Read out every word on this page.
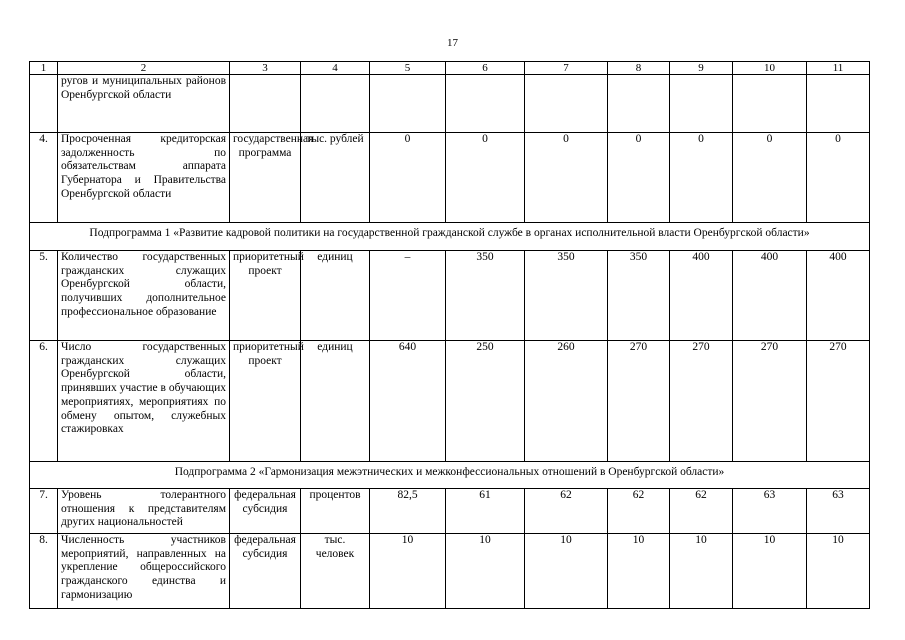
17
1	2	3	4	5	6	7	8	9	10	11
	ругов и муниципальных районов Оренбургской области									
4.	Просроченная кредиторская задолженность по обязательствам аппарата Губернатора и Правительства Оренбургской области	государственная программа	тыс. рублей	0	0	0	0	0	0	0
Подпрограмма 1 «Развитие кадровой политики на государственной гражданской службе в органах исполнительной власти Оренбургской области»										
5.	Количество государственных гражданских служащих Оренбургской области, получивших дополнительное профессиональное образование	приоритетный проект	единиц	–	350	350	350	400	400	400
6.	Число государственных гражданских служащих Оренбургской области, принявших участие в обучающих мероприятиях, мероприятиях по обмену опытом, служебных стажировках	приоритетный проект	единиц	640	250	260	270	270	270	270
Подпрограмма 2 «Гармонизация межэтнических и межконфессиональных отношений в Оренбургской области»										
7.	Уровень толерантного отношения к представителям других национальностей	федеральная субсидия	процентов	82,5	61	62	62	62	63	63
8.	Численность участников мероприятий, направленных на укрепление общероссийского гражданского единства и гармонизацию	федеральная субсидия	тыс. человек	10	10	10	10	10	10	10
